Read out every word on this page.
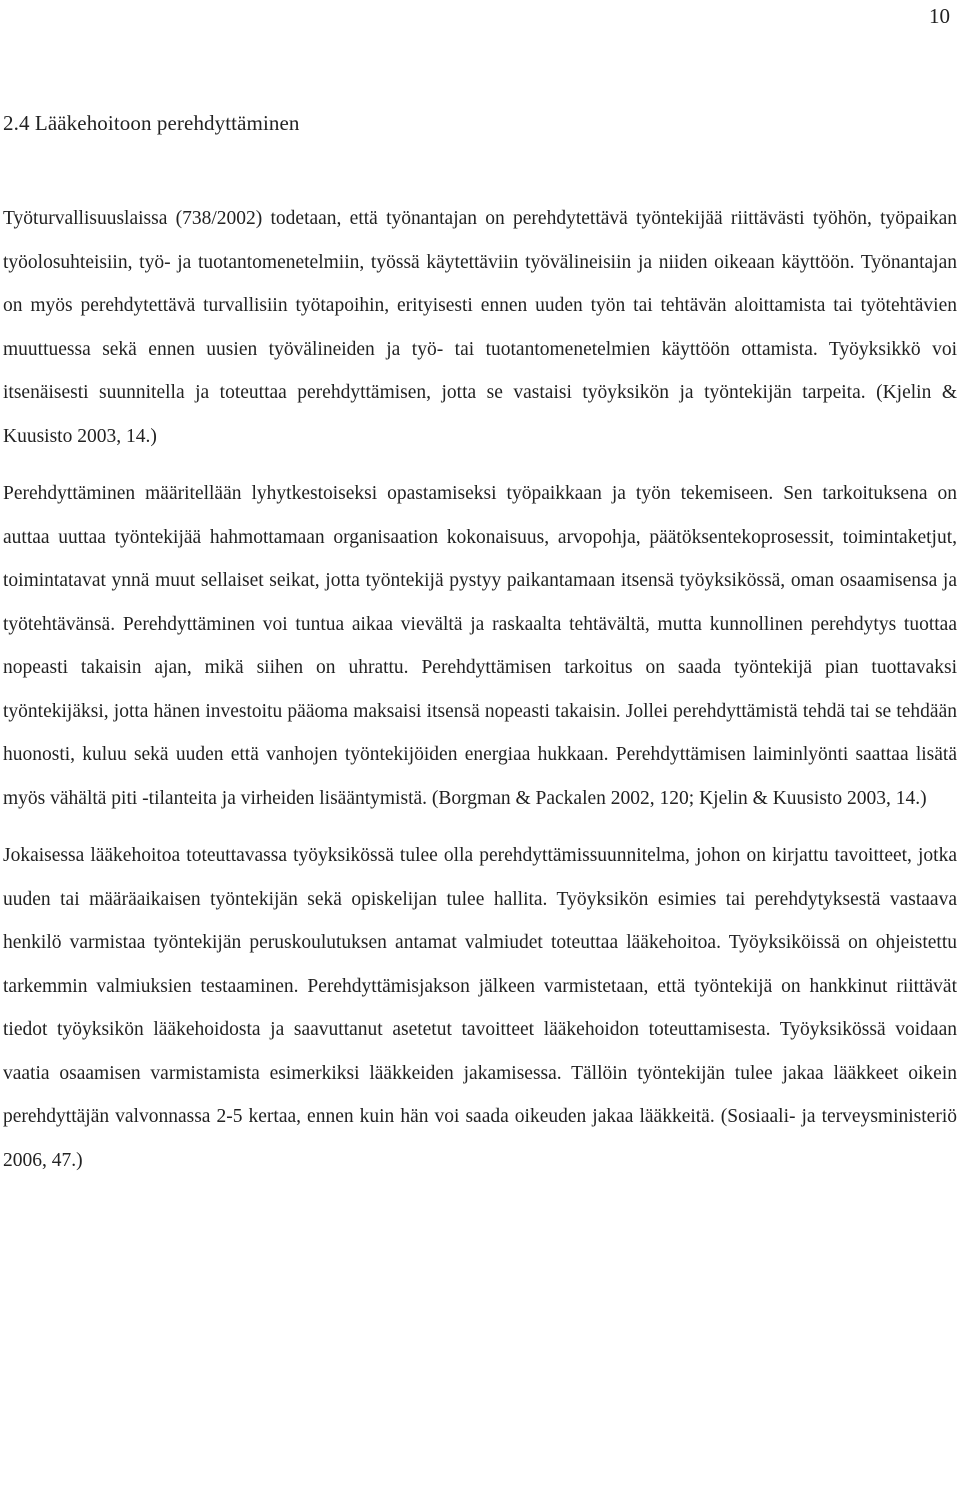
10
2.4 Lääkehoitoon perehdyttäminen

Työturvallisuuslaissa (738/2002) todetaan, että työnantajan on perehdytettävä työntekijää riittävästi työhön, työpaikan työolosuhteisiin, työ- ja tuotantomenetelmiin, työssä käytettäviin työvälineisiin ja niiden oikeaan käyttöön. Työnantajan on myös perehdytettävä turvallisiin työtapoihin, erityisesti ennen uuden työn tai tehtävän aloittamista tai työtehtävien muuttuessa sekä ennen uusien työvälineiden ja työ- tai tuotantomenetelmien käyttöön ottamista. Työyksikkö voi itsenäisesti suunnitella ja toteuttaa perehdyttämisen, jotta se vastaisi työyksikön ja työntekijän tarpeita. (Kjelin & Kuusisto 2003, 14.)

Perehdyttäminen määritellään lyhytkestoiseksi opastamiseksi työpaikkaan ja työn tekemiseen. Sen tarkoituksena on auttaa uuttaa työntekijää hahmottamaan organisaation kokonaisuus, arvopohja, päätöksentekoprosessit, toimintaketjut, toimintatavat ynnä muut sellaiset seikat, jotta työntekijä pystyy paikantamaan itsensä työyksikössä, oman osaamisensa ja työtehtävänsä. Perehdyttäminen voi tuntua aikaa vievältä ja raskaalta tehtävältä, mutta kunnollinen perehdytys tuottaa nopeasti takaisin ajan, mikä siihen on uhrattu. Perehdyttämisen tarkoitus on saada työntekijä pian tuottavaksi työntekijäksi, jotta hänen investoitu pääoma maksaisi itsensä nopeasti takaisin. Jollei perehdyttämistä tehdä tai se tehdään huonosti, kuluu sekä uuden että vanhojen työntekijöiden energiaa hukkaan. Perehdyttämisen laiminlyönti saattaa lisätä myös vähältä piti -tilanteita ja virheiden lisääntymistä. (Borgman & Packalen 2002, 120; Kjelin & Kuusisto 2003, 14.)

Jokaisessa lääkehoitoa toteuttavassa työyksikössä tulee olla perehdyttämissuunnitelma, johon on kirjattu tavoitteet, jotka uuden tai määräaikaisen työntekijän sekä opiskelijan tulee hallita. Työyksikön esimies tai perehdytyksestä vastaava henkilö varmistaa työntekijän peruskoulutuksen antamat valmiudet toteuttaa lääkehoitoa. Työyksiköissä on ohjeistettu tarkemmin valmiuksien testaaminen. Perehdyttämisjakson jälkeen varmistetaan, että työntekijä on hankkinut riittävät tiedot työyksikön lääkehoidosta ja saavuttanut asetetut tavoitteet lääkehoidon toteuttamisesta. Työyksikössä voidaan vaatia osaamisen varmistamista esimerkiksi lääkkeiden jakamisessa. Tällöin työntekijän tulee jakaa lääkkeet oikein perehdyttäjän valvonnassa 2-5 kertaa, ennen kuin hän voi saada oikeuden jakaa lääkkeitä. (Sosiaali- ja terveysministeriö 2006, 47.)
